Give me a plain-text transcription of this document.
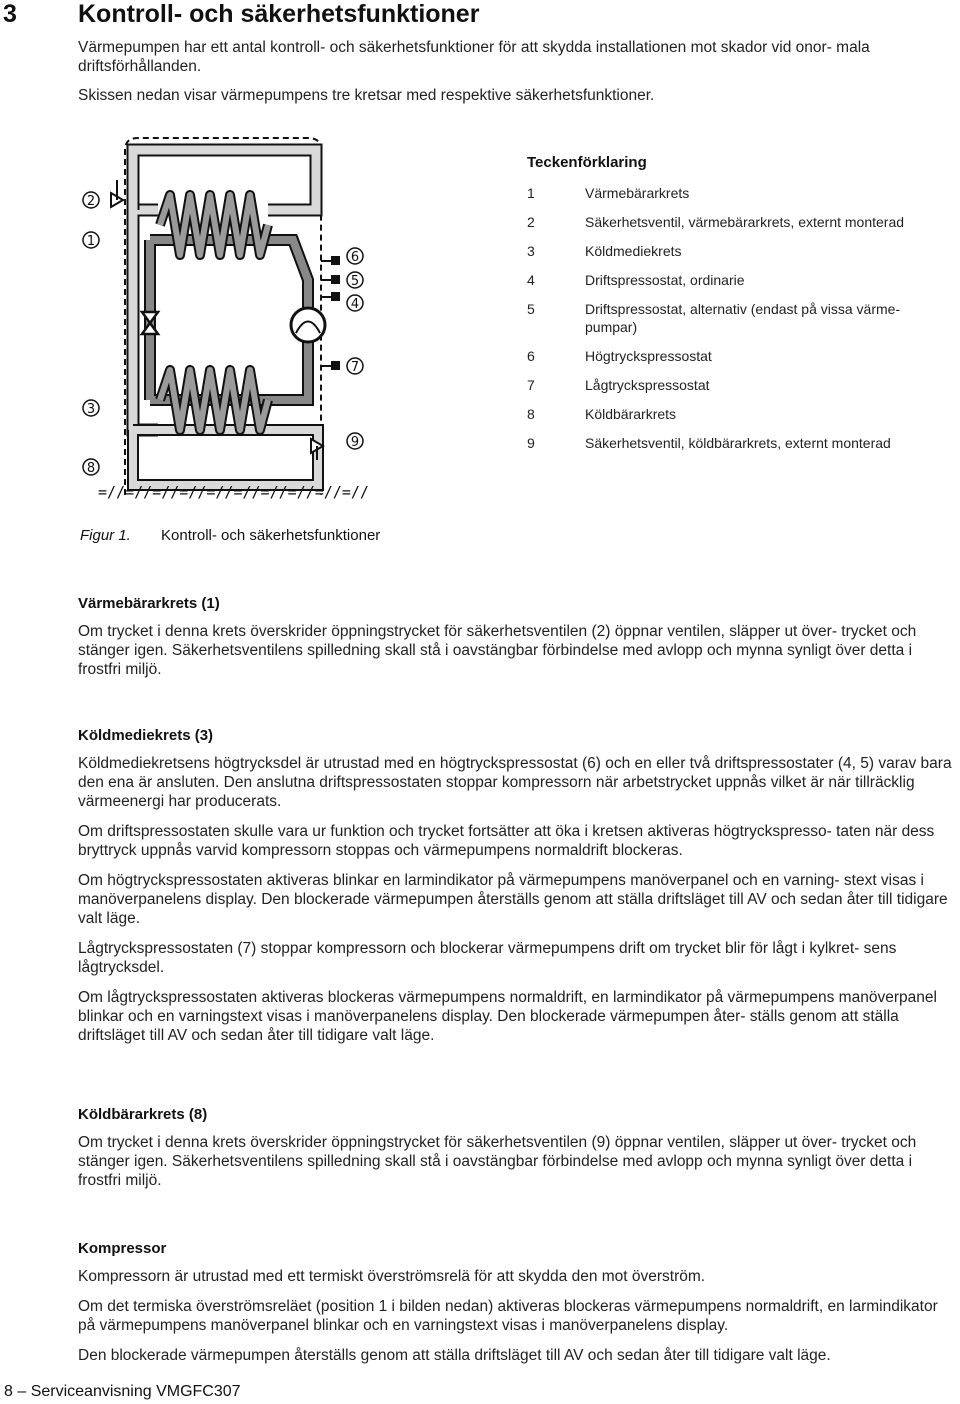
3 Kontroll- och säkerhetsfunktioner

Värmepumpen har ett antal kontroll- och säkerhetsfunktioner för att skydda installationen mot skador vid onor- mala driftsförhållanden.

Skissen nedan visar värmepumpens tre kretsar med respektive säkerhetsfunktioner.

=//=//=//=//=//=//=//=//=//=//
2
1
3
8
6
5
4
7
9
Teckenförklaring
1	Värmebärarkrets
2	Säkerhetsventil, värmebärarkrets, externt monterad
3	Köldmediekrets
4	Driftspressostat, ordinarie
5	Driftspressostat, alternativ (endast på vissa värme- pumpar)
6	Högtryckspressostat
7	Lågtryckspressostat
8	Köldbärarkrets
9	Säkerhetsventil, köldbärarkrets, externt monterad
Figur 1. Kontroll- och säkerhetsfunktioner
Värmebärarkrets (1)

Om trycket i denna krets överskrider öppningstrycket för säkerhetsventilen (2) öppnar ventilen, släpper ut över- trycket och stänger igen. Säkerhetsventilens spilledning skall stå i oavstängbar förbindelse med avlopp och mynna synligt över detta i frostfri miljö.

Köldmediekrets (3)

Köldmediekretsens högtrycksdel är utrustad med en högtryckspressostat (6) och en eller två driftspressostater (4, 5) varav bara den ena är ansluten. Den anslutna driftspressostaten stoppar kompressorn när arbetstrycket uppnås vilket är när tillräcklig värmeenergi har producerats.

Om driftspressostaten skulle vara ur funktion och trycket fortsätter att öka i kretsen aktiveras högtryckspresso- taten när dess bryttryck uppnås varvid kompressorn stoppas och värmepumpens normaldrift blockeras.

Om högtryckspressostaten aktiveras blinkar en larmindikator på värmepumpens manöverpanel och en varning- stext visas i manöverpanelens display. Den blockerade värmepumpen återställs genom att ställa driftsläget till AV och sedan åter till tidigare valt läge.

Lågtryckspressostaten (7) stoppar kompressorn och blockerar värmepumpens drift om trycket blir för lågt i kylkret- sens lågtrycksdel.

Om lågtryckspressostaten aktiveras blockeras värmepumpens normaldrift, en larmindikator på värmepumpens manöverpanel blinkar och en varningstext visas i manöverpanelens display. Den blockerade värmepumpen åter- ställs genom att ställa driftsläget till AV och sedan åter till tidigare valt läge.

Köldbärarkrets (8)

Om trycket i denna krets överskrider öppningstrycket för säkerhetsventilen (9) öppnar ventilen, släpper ut över- trycket och stänger igen. Säkerhetsventilens spilledning skall stå i oavstängbar förbindelse med avlopp och mynna synligt över detta i frostfri miljö.

Kompressor

Kompressorn är utrustad med ett termiskt överströmsrelä för att skydda den mot överström.

Om det termiska överströmsreläet (position 1 i bilden nedan) aktiveras blockeras värmepumpens normaldrift, en larmindikator på värmepumpens manöverpanel blinkar och en varningstext visas i manöverpanelens display.

Den blockerade värmepumpen återställs genom att ställa driftsläget till AV och sedan åter till tidigare valt läge.

8 – Serviceanvisning VMGFC307
